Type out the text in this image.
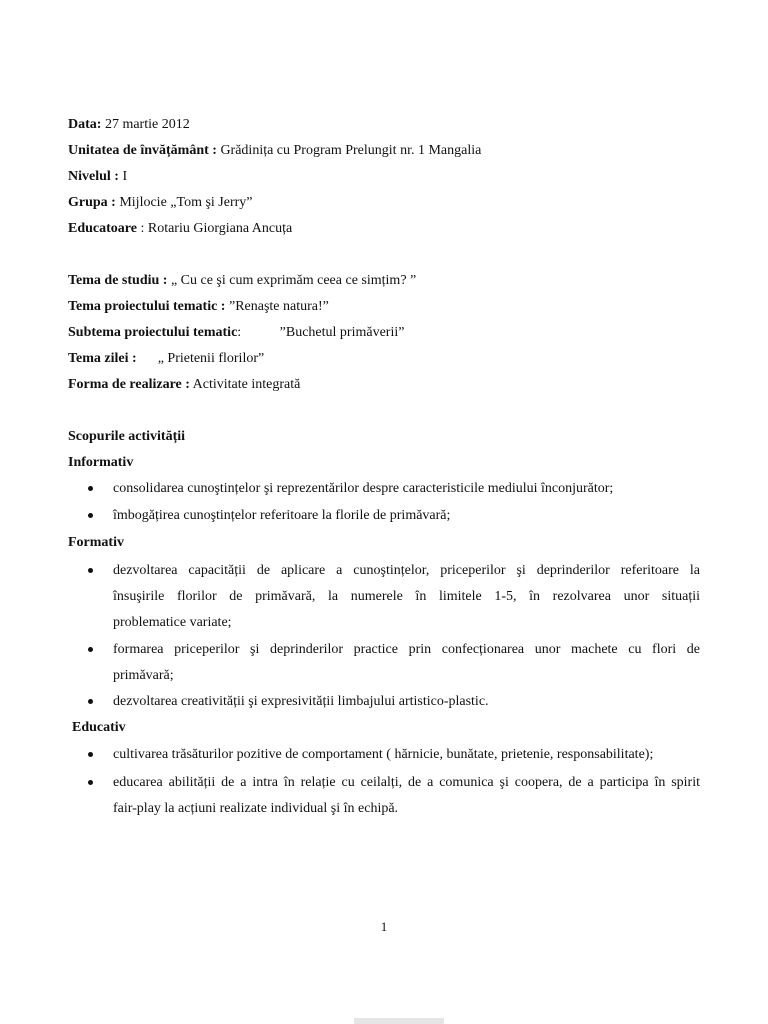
Data: 27 martie 2012
Unitatea de învățământ : Grădinița cu Program Prelungit nr. 1 Mangalia
Nivelul : I
Grupa : Mijlocie „Tom şi Jerry”
Educatoare : Rotariu Giorgiana Ancuța
Tema de studiu : „ Cu ce şi cum exprimăm ceea ce simțim? ”
Tema proiectului tematic : ”Renaşte natura!”
Subtema proiectului tematic:           ”Buchetul primăverii”
Tema zilei :      „ Prietenii florilor”
Forma de realizare : Activitate integrată
Scopurile activității
Informativ
consolidarea cunoştințelor şi reprezentărilor despre caracteristicile mediului înconjurător;
îmbogățirea cunoştințelor referitoare la florile de primăvară;
Formativ
dezvoltarea capacității de aplicare a cunoştințelor, priceperilor şi deprinderilor referitoare la
însuşirile florilor de primăvară, la numerele în limitele 1-5, în rezolvarea unor situații
problematice variate;
formarea priceperilor şi deprinderilor practice prin confecționarea unor machete cu flori de
primăvară;
dezvoltarea creativității şi expresivității limbajului artistico-plastic.
Educativ
cultivarea trăsăturilor pozitive de comportament ( hărnicie, bunătate, prietenie, responsabilitate);
educarea abilității de a intra în relație cu ceilalți, de a comunica şi coopera, de a participa în spirit
fair-play la acțiuni realizate individual şi în echipă.
1
